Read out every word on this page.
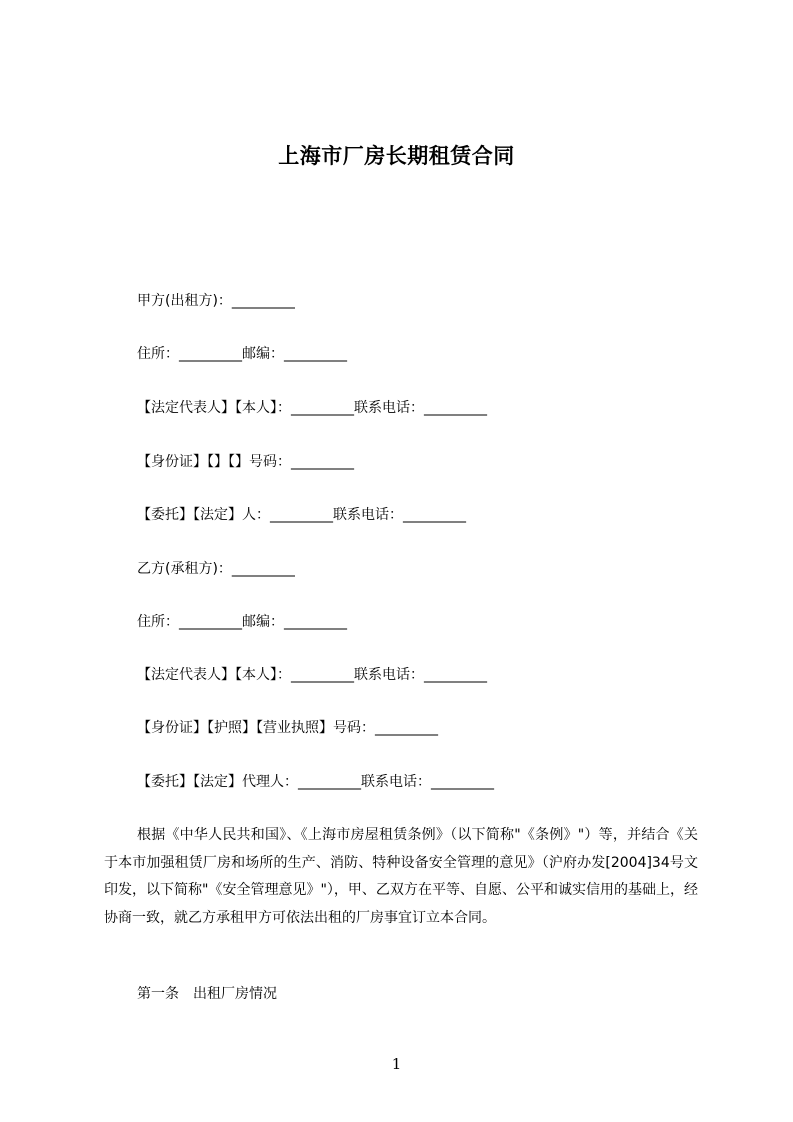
上海市厂房长期租赁合同
甲方(出租方)：_________
住所：_________邮编：_________
【法定代表人】【本人】：_________联系电话：_________
【身份证】【】【】号码：_________
【委托】【法定】人：_________联系电话：_________
乙方(承租方)：_________
住所：_________邮编：_________
【法定代表人】【本人】：_________联系电话：_________
【身份证】【护照】【营业执照】号码：_________
【委托】【法定】代理人：_________联系电话：_________
根据《中华人民共和国》、《上海市房屋租赁条例》（以下简称"《条例》"）等，并结合《关于本市加强租赁厂房和场所的生产、消防、特种设备安全管理的意见》（沪府办发[2004]34号文印发，以下简称"《安全管理意见》"），甲、乙双方在平等、自愿、公平和诚实信用的基础上，经协商一致，就乙方承租甲方可依法出租的厂房事宜订立本合同。
第一条　出租厂房情况
1
